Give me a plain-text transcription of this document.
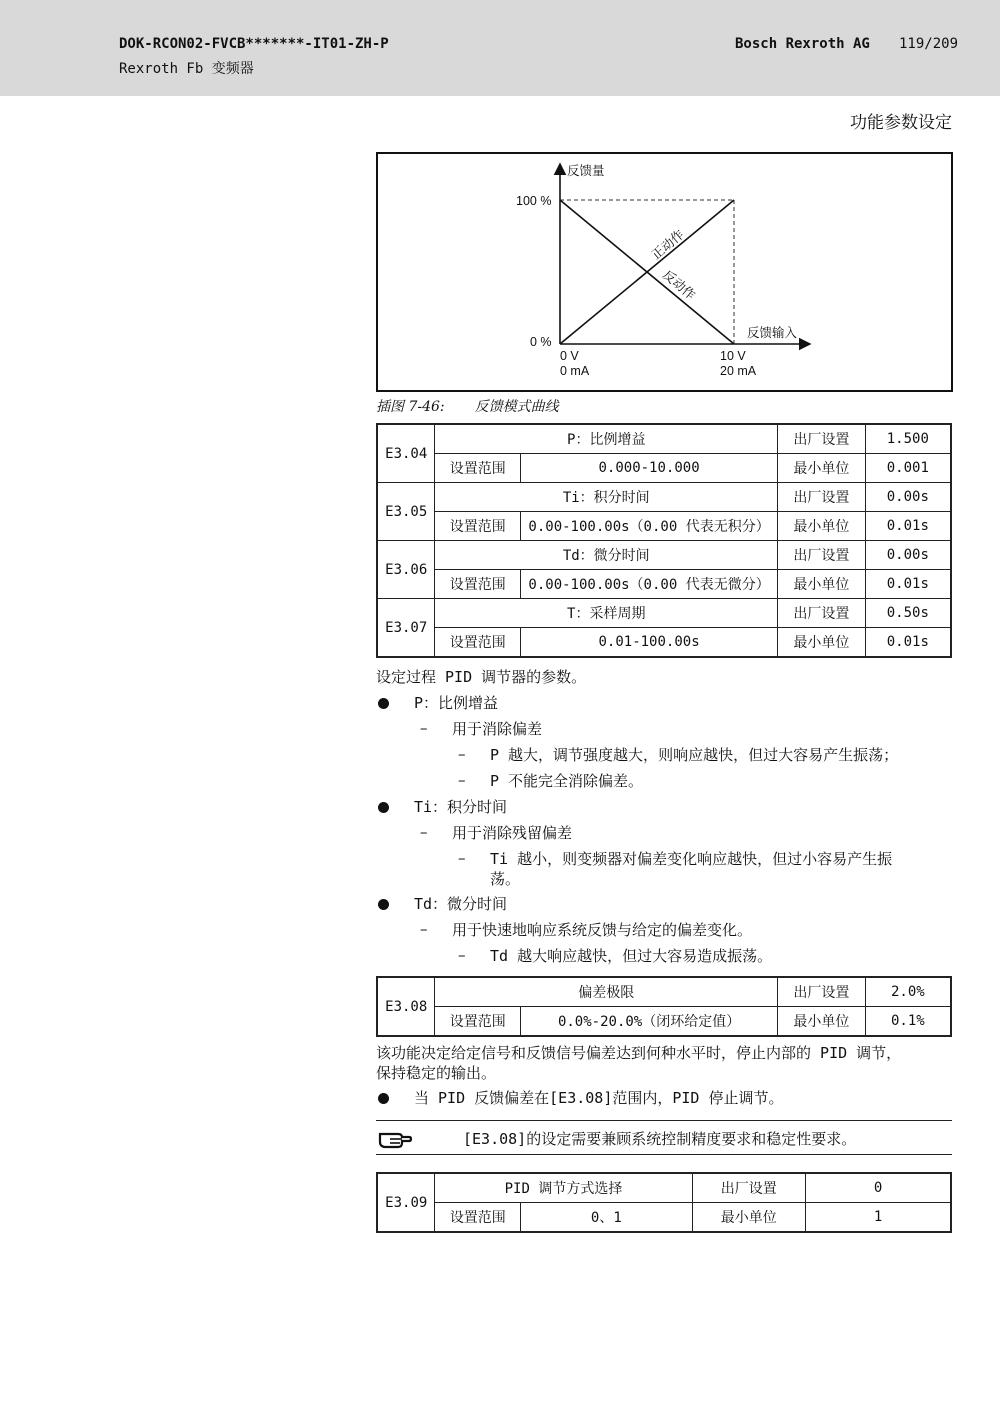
DOK-RCON02-FVCB*******-IT01-ZH-P
Rexroth Fb 变频器
Bosch Rexroth AG 119/209
功能参数设定
反馈量
100 %
0 %
反馈输入
0 V
0 mA
10 V
20 mA
正动作
反动作
插图 7-46: 反馈模式曲线
E3.04	P：比例增益		出厂设置	1.500
	设置范围	0.000-10.000	最小单位	0.001
E3.05	Ti：积分时间		出厂设置	0.00s
	设置范围	0.00-100.00s（0.00 代表无积分）	最小单位	0.01s
E3.06	Td：微分时间		出厂设置	0.00s
	设置范围	0.00-100.00s（0.00 代表无微分）	最小单位	0.01s
E3.07	T：采样周期		出厂设置	0.50s
	设置范围	0.01-100.00s	最小单位	0.01s
设定过程 PID 调节器的参数。
P：比例增益
– 用于消除偏差
– P 越大，调节强度越大，则响应越快，但过大容易产生振荡；
– P 不能完全消除偏差。
Ti：积分时间
– 用于消除残留偏差
– Ti 越小，则变频器对偏差变化响应越快，但过小容易产生振
荡。
Td：微分时间
– 用于快速地响应系统反馈与给定的偏差变化。
– Td 越大响应越快，但过大容易造成振荡。
E3.08	偏差极限		出厂设置	2.0%
	设置范围	0.0%-20.0%（闭环给定值）	最小单位	0.1%
该功能决定给定信号和反馈信号偏差达到何种水平时，停止内部的 PID 调节，
保持稳定的输出。
当 PID 反馈偏差在[E3.08]范围内，PID 停止调节。
[E3.08]的设定需要兼顾系统控制精度要求和稳定性要求。
E3.09	PID 调节方式选择		出厂设置	0
	设置范围	0、1	最小单位	1
